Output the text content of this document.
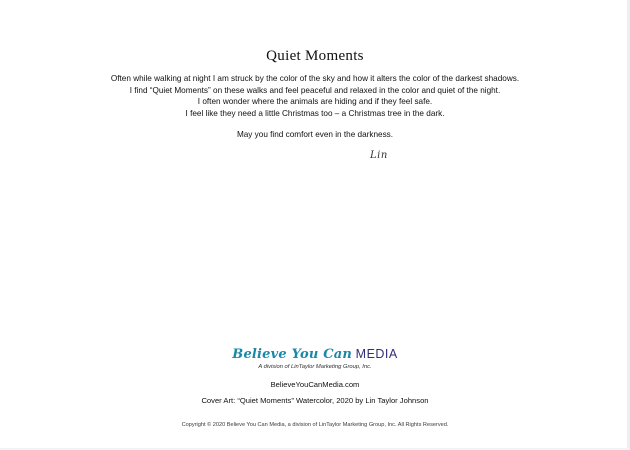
Quiet Moments
Often while walking at night I am struck by the color of the sky and how it alters the color of the darkest shadows.
I find “Quiet Moments” on these walks and feel peaceful and relaxed in the color and quiet of the night.
I often wonder where the animals are hiding and if they feel safe.
I feel like they need a little Christmas too – a Christmas tree in the dark.
May you find comfort even in the darkness.
Lin
Believe You Can MEDIA
A division of LinTaylor Marketing Group, Inc.
BelieveYouCanMedia.com
Cover Art: “Quiet Moments” Watercolor, 2020 by Lin Taylor Johnson
Copyright © 2020 Believe You Can Media, a division of LinTaylor Marketing Group, Inc. All Rights Reserved.
